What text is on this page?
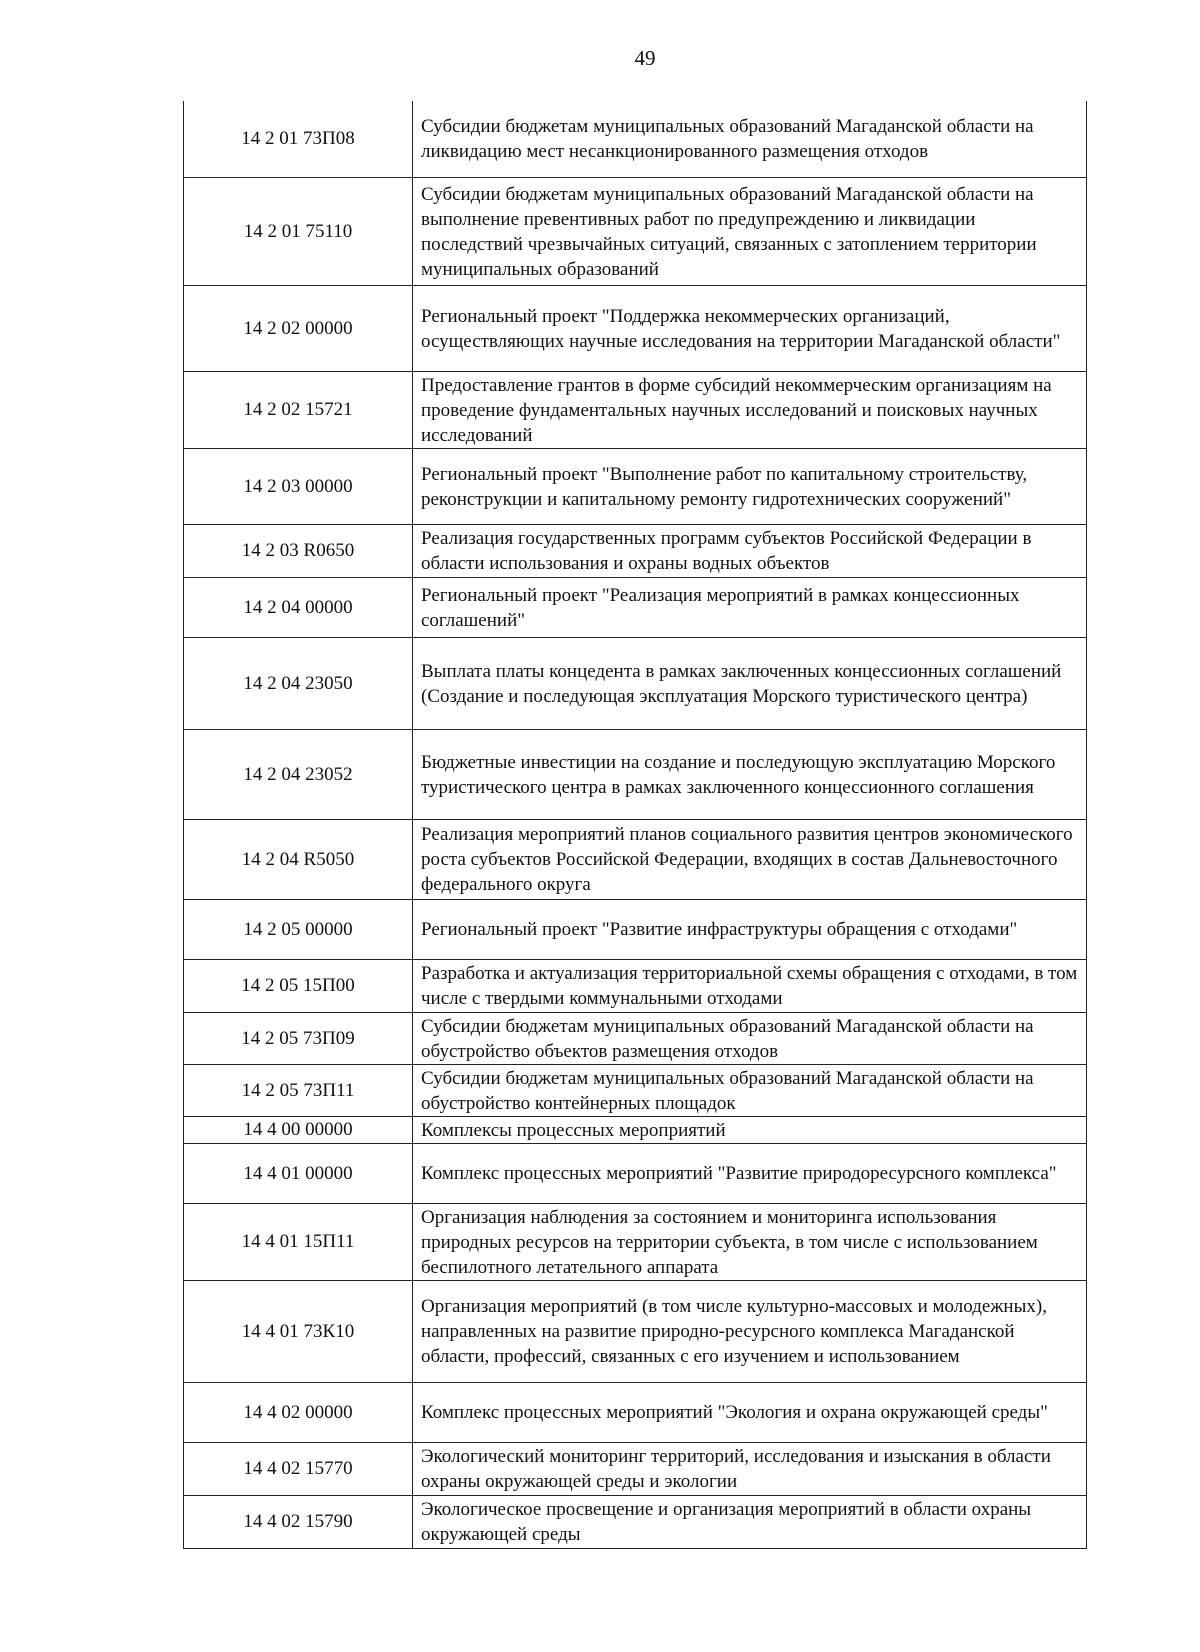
49
14 2 01 73П08	Субсидии бюджетам муниципальных образований Магаданской области на ликвидацию мест несанкционированного размещения отходов
14 2 01 75110	Субсидии бюджетам муниципальных образований Магаданской области на выполнение превентивных работ по предупреждению и ликвидации последствий чрезвычайных ситуаций, связанных с затоплением территории муниципальных образований
14 2 02 00000	Региональный проект "Поддержка некоммерческих организаций, осуществляющих научные исследования на территории Магаданской области"
14 2 02 15721	Предоставление грантов в форме субсидий некоммерческим организациям на проведение фундаментальных научных исследований и поисковых научных исследований
14 2 03 00000	Региональный проект "Выполнение работ по капитальному строительству, реконструкции и капитальному ремонту гидротехнических сооружений"
14 2 03 R0650	Реализация государственных программ субъектов Российской Федерации в области использования и охраны водных объектов
14 2 04 00000	Региональный проект "Реализация мероприятий в рамках концессионных соглашений"
14 2 04 23050	Выплата платы концедента в рамках заключенных концессионных соглашений (Создание и последующая эксплуатация Морского туристического центра)
14 2 04 23052	Бюджетные инвестиции на создание и последующую эксплуатацию Морского туристического центра в рамках заключенного концессионного соглашения
14 2 04 R5050	Реализация мероприятий планов социального развития центров экономического роста субъектов Российской Федерации, входящих в состав Дальневосточного федерального округа
14 2 05 00000	Региональный проект "Развитие инфраструктуры обращения с отходами"
14 2 05 15П00	Разработка и актуализация территориальной схемы обращения с отходами, в том числе с твердыми коммунальными отходами
14 2 05 73П09	Субсидии бюджетам муниципальных образований Магаданской области на обустройство объектов размещения отходов
14 2 05 73П11	Субсидии бюджетам муниципальных образований Магаданской области на обустройство контейнерных площадок
14 4 00 00000	Комплексы процессных мероприятий
14 4 01 00000	Комплекс процессных мероприятий "Развитие природоресурсного комплекса"
14 4 01 15П11	Организация наблюдения за состоянием и мониторинга использования природных ресурсов на территории субъекта, в том числе с использованием беспилотного летательного аппарата
14 4 01 73К10	Организация мероприятий (в том числе культурно-массовых и молодежных), направленных на развитие природно-ресурсного комплекса Магаданской области, профессий, связанных с его изучением и использованием
14 4 02 00000	Комплекс процессных мероприятий "Экология и охрана окружающей среды"
14 4 02 15770	Экологический мониторинг территорий, исследования и изыскания в области охраны окружающей среды и экологии
14 4 02 15790	Экологическое просвещение и организация мероприятий в области охраны окружающей среды
